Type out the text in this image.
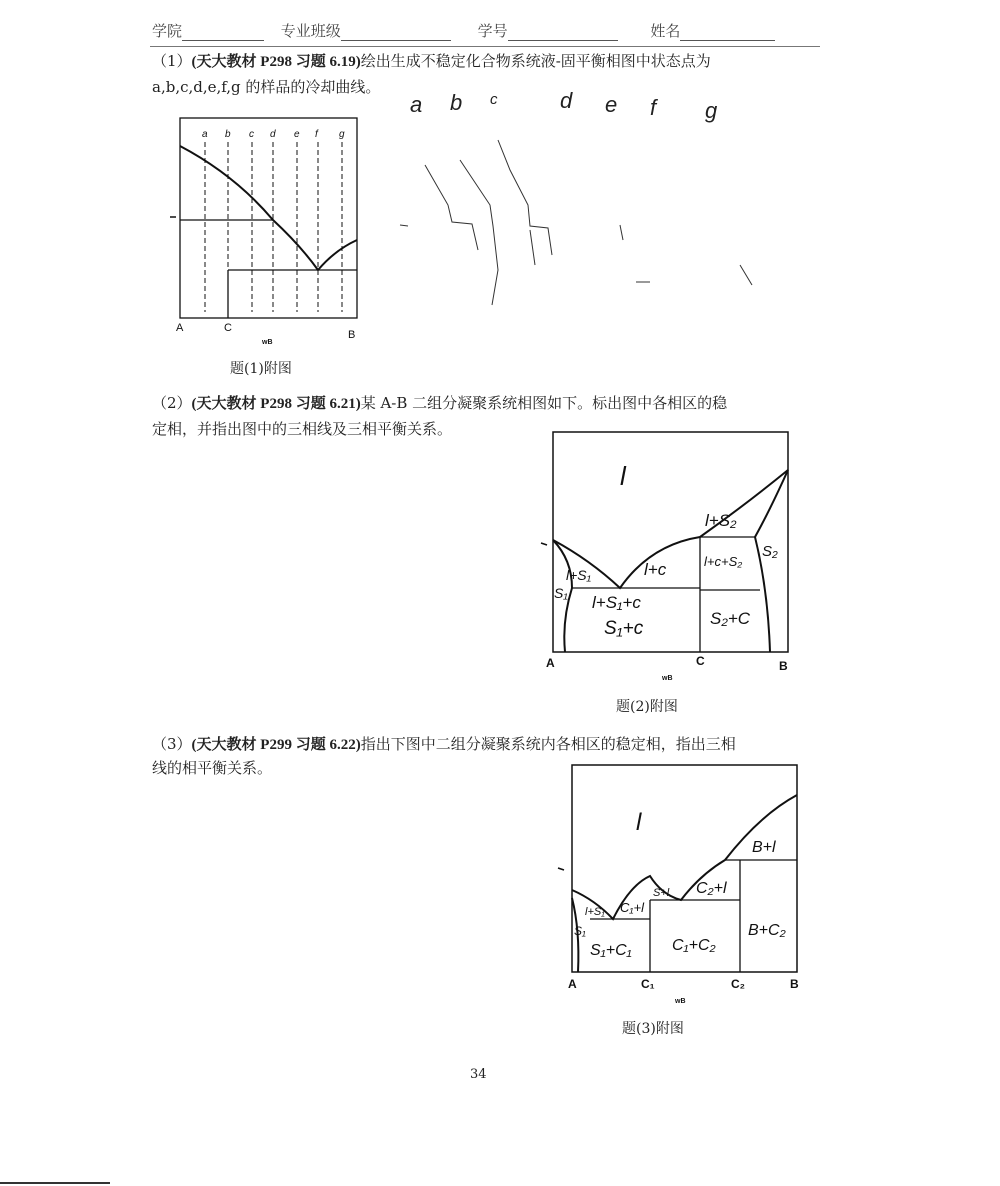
学院	专业班级	学号	姓名
（1）(天大教材 P298 习题 6.19)绘出生成不稳定化合物系统液-固平衡相图中状态点为
a,b,c,d,e,f,g 的样品的冷却曲线。
（2）(天大教材 P298 习题 6.21)某 A-B 二组分凝聚系统相图如下。标出图中各相区的稳
定相，并指出图中的三相线及三相平衡关系。
（3）(天大教材 P299 习题 6.22)指出下图中二组分凝聚系统内各相区的稳定相，指出三相
线的相平衡关系。
题(1)附图
题(2)附图
题(3)附图
34
a b c d e f g
A	C
B
wB
a b c	d e f g
l
l+S₂
l+c+S₂
S₂
l+S₁	l+c
l+S₁+c
S₁+c	S₂+C
S₁
A	C	B
wB
l
B+l
C₂+l
S+l
C₁+l
l+S₁
S₁
S₁+C₁	C₁+C₂
B+C₂
A	C₁	C₂	B
wB
